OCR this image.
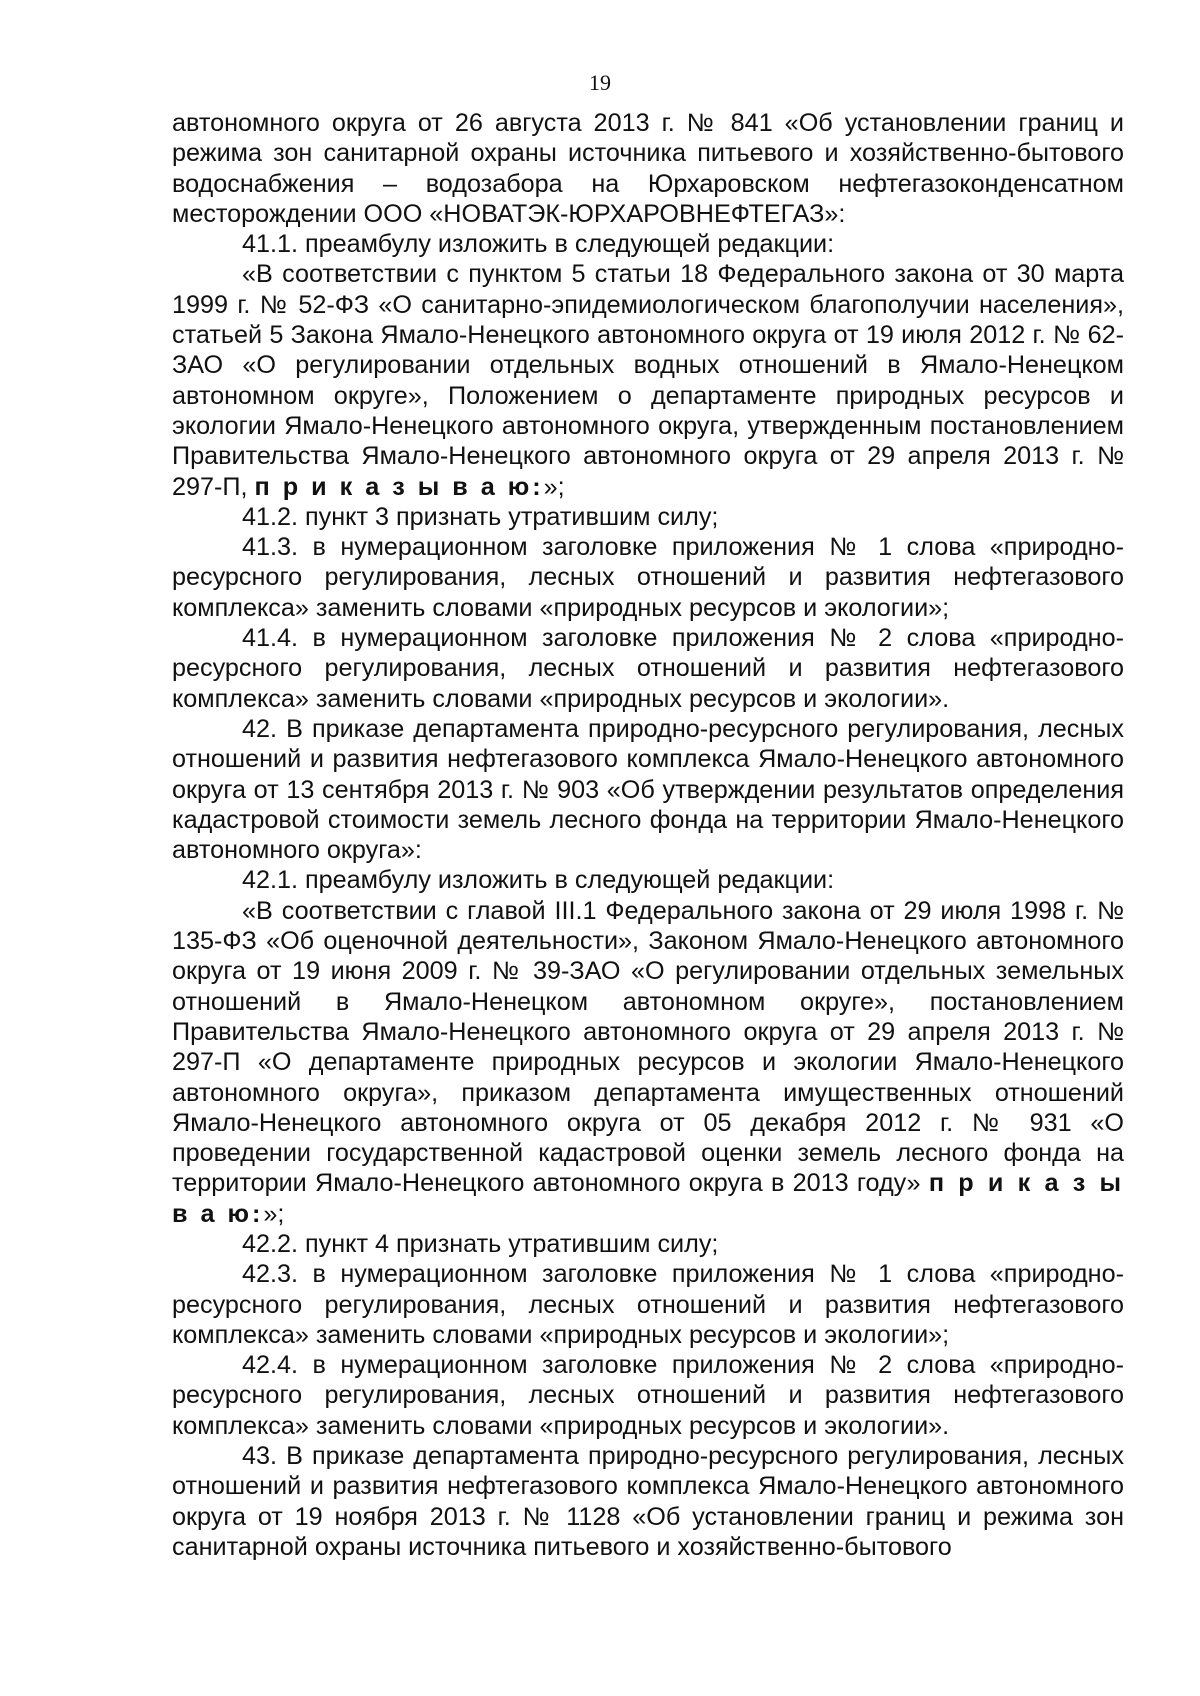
19

автономного округа от 26 августа 2013 г. № 841 «Об установлении границ и режима зон санитарной охраны источника питьевого и хозяйственно-бытового водоснабжения – водозабора на Юрхаровском нефтегазоконденсатном месторождении ООО «НОВАТЭК-ЮРХАРОВНЕФТЕГАЗ»:

41.1. преамбулу изложить в следующей редакции:

«В соответствии с пунктом 5 статьи 18 Федерального закона от 30 марта 1999 г. № 52-ФЗ «О санитарно-эпидемиологическом благополучии населения», статьей 5 Закона Ямало-Ненецкого автономного округа от 19 июля 2012 г. № 62-ЗАО «О регулировании отдельных водных отношений в Ямало-Ненецком автономном округе», Положением о департаменте природных ресурсов и экологии Ямало-Ненецкого автономного округа, утвержденным постановлением Правительства Ямало-Ненецкого автономного округа от 29 апреля 2013 г. № 297-П, п р и к а з ы в а ю:»;

41.2. пункт 3 признать утратившим силу;

41.3. в нумерационном заголовке приложения № 1 слова «природно-ресурсного регулирования, лесных отношений и развития нефтегазового комплекса» заменить словами «природных ресурсов и экологии»;

41.4. в нумерационном заголовке приложения № 2 слова «природно-ресурсного регулирования, лесных отношений и развития нефтегазового комплекса» заменить словами «природных ресурсов и экологии».

42. В приказе департамента природно-ресурсного регулирования, лесных отношений и развития нефтегазового комплекса Ямало-Ненецкого автономного округа от 13 сентября 2013 г. № 903 «Об утверждении результатов определения кадастровой стоимости земель лесного фонда на территории Ямало-Ненецкого автономного округа»:

42.1. преамбулу изложить в следующей редакции:

«В соответствии с главой III.1 Федерального закона от 29 июля 1998 г. № 135-ФЗ «Об оценочной деятельности», Законом Ямало-Ненецкого автономного округа от 19 июня 2009 г. № 39-ЗАО «О регулировании отдельных земельных отношений в Ямало-Ненецком автономном округе», постановлением Правительства Ямало-Ненецкого автономного округа от 29 апреля 2013 г. № 297-П «О департаменте природных ресурсов и экологии Ямало-Ненецкого автономного округа», приказом департамента имущественных отношений Ямало-Ненецкого автономного округа от 05 декабря 2012 г. № 931 «О проведении государственной кадастровой оценки земель лесного фонда на территории Ямало-Ненецкого автономного округа в 2013 году» п р и к а з ы в а ю:»;

42.2. пункт 4 признать утратившим силу;

42.3. в нумерационном заголовке приложения № 1 слова «природно-ресурсного регулирования, лесных отношений и развития нефтегазового комплекса» заменить словами «природных ресурсов и экологии»;

42.4. в нумерационном заголовке приложения № 2 слова «природно-ресурсного регулирования, лесных отношений и развития нефтегазового комплекса» заменить словами «природных ресурсов и экологии».

43. В приказе департамента природно-ресурсного регулирования, лесных отношений и развития нефтегазового комплекса Ямало-Ненецкого автономного округа от 19 ноября 2013 г. № 1128 «Об установлении границ и режима зон санитарной охраны источника питьевого и хозяйственно-бытового
